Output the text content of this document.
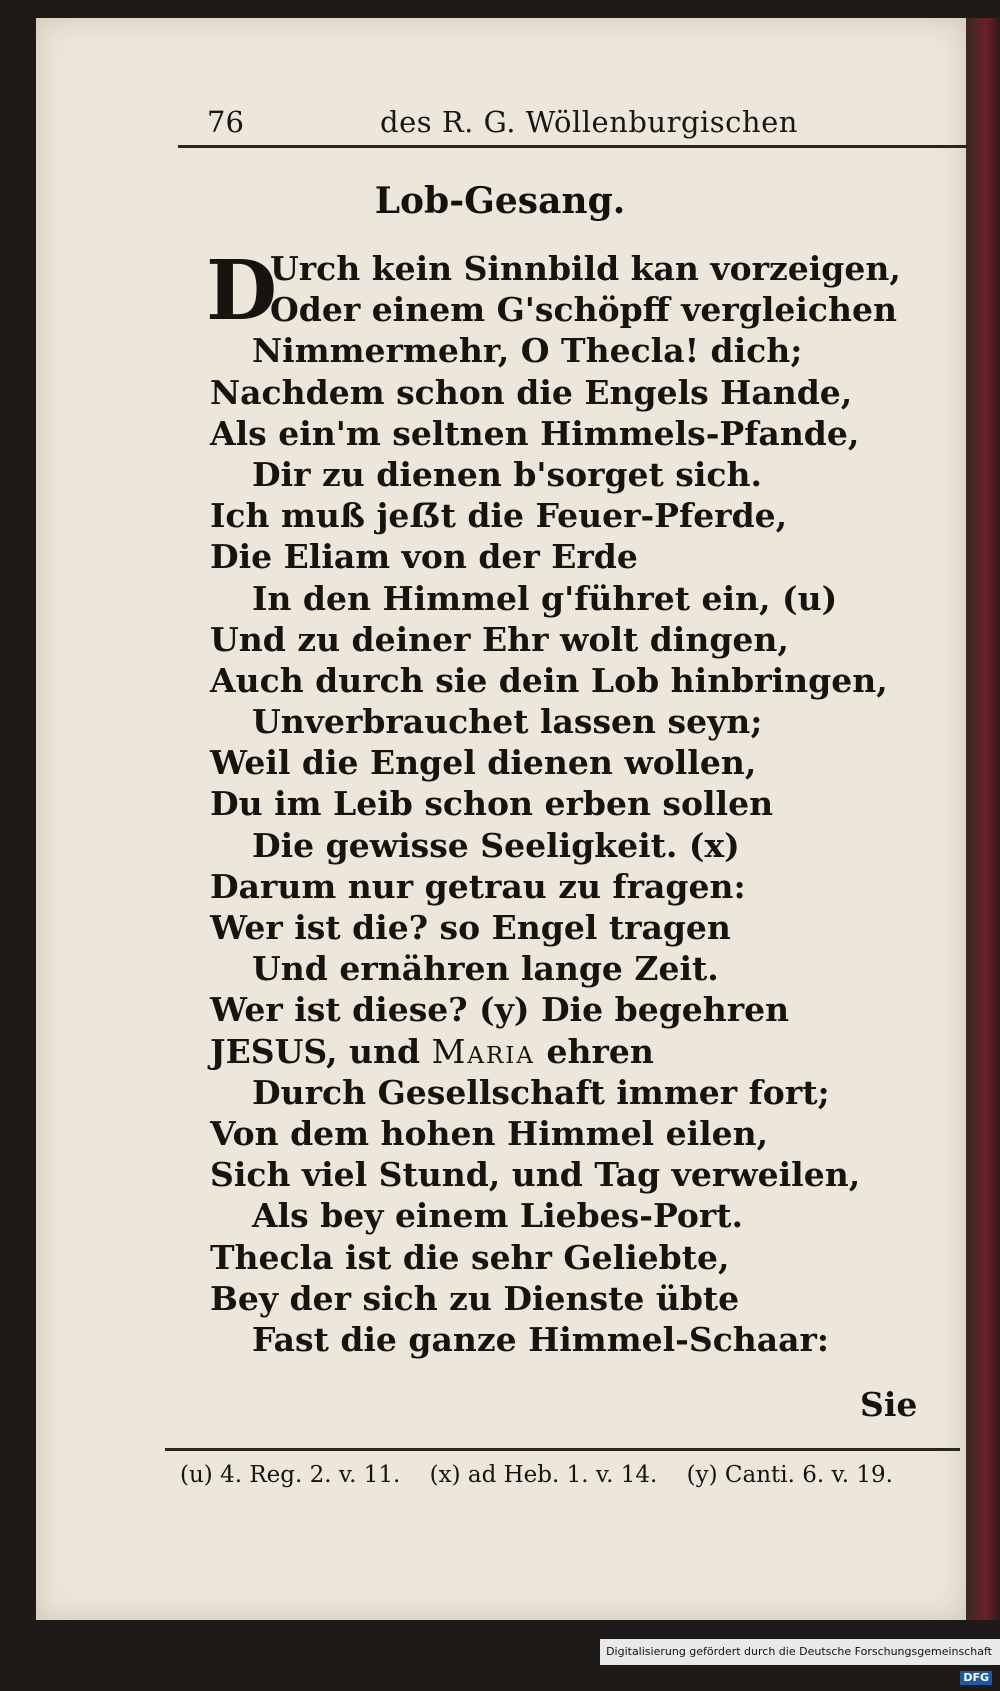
76	des R. G. Wöllenburgischen
Lob-Gesang.
D
Urch kein Sinnbild kan vorzeigen,
Oder einem G'schöpff vergleichen
Nimmermehr, O Thecla! dich;
Nachdem schon die Engels Hande,
Als ein'm seltnen Himmels-Pfande,
Dir zu dienen b'sorget sich.
Ich muß jeẞt die Feuer-Pferde,
Die Eliam von der Erde
In den Himmel g'führet ein, (u)
Und zu deiner Ehr wolt dingen,
Auch durch sie dein Lob hinbringen,
Unverbrauchet lassen seyn;
Weil die Engel dienen wollen,
Du im Leib schon erben sollen
Die gewisse Seeligkeit. (x)
Darum nur getrau zu fragen:
Wer ist die? so Engel tragen
Und ernähren lange Zeit.
Wer ist diese? (y) Die begehren
JESUS, und Maria ehren
Durch Gesellschaft immer fort;
Von dem hohen Himmel eilen,
Sich viel Stund, und Tag verweilen,
Als bey einem Liebes-Port.
Thecla ist die sehr Geliebte,
Bey der sich zu Dienste übte
Fast die ganze Himmel-Schaar:
Sie
(u) 4. Reg. 2. v. 11. (x) ad Heb. 1. v. 14. (y) Canti. 6. v. 19.
Digitalisierung gefördert durch die Deutsche Forschungsgemeinschaft - DFG
